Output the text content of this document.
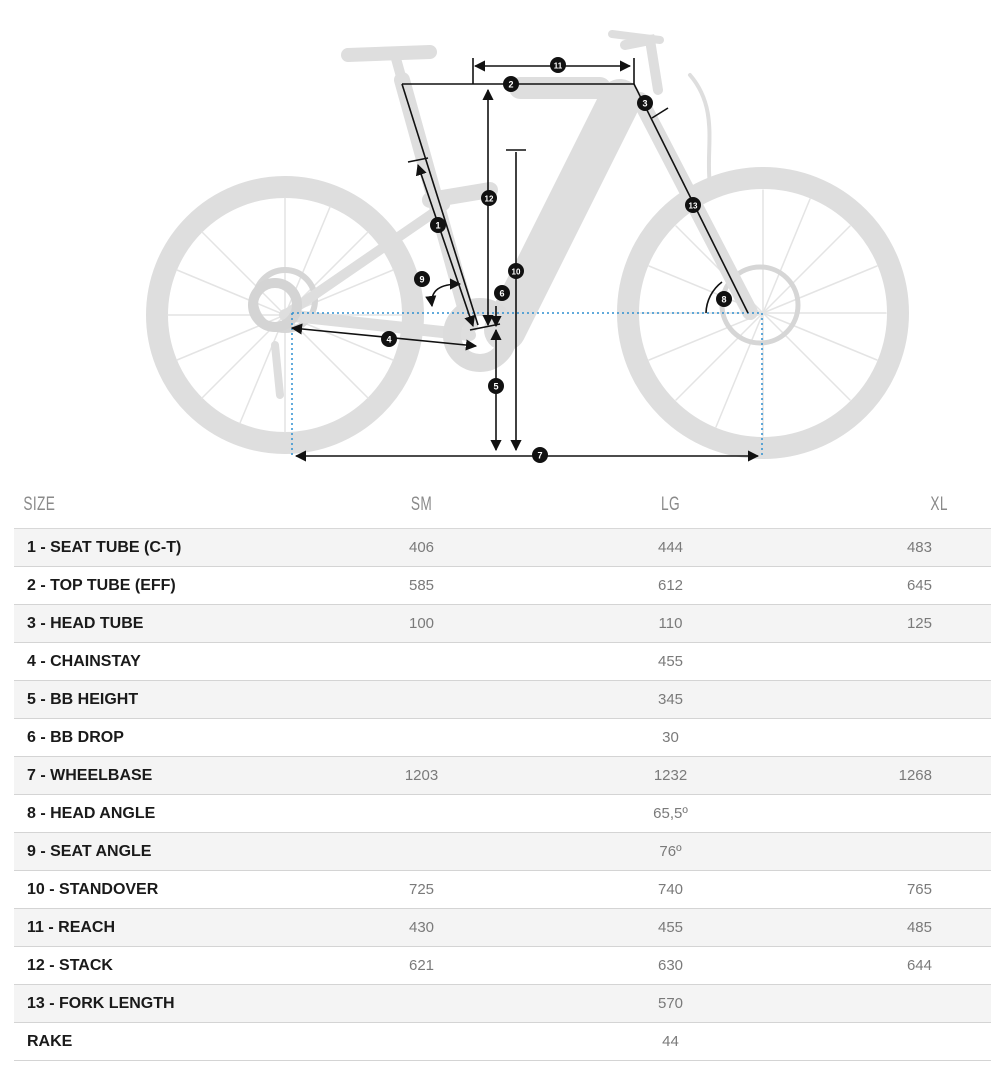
1
2
3
4
5
6
7
8
9
10
11
12
13
SIZE	SM	LG	XL
1 - SEAT TUBE (C-T)	406	444	483
2 - TOP TUBE (EFF)	585	612	645
3 - HEAD TUBE	100	110	125
4 - CHAINSTAY		455	
5 - BB HEIGHT		345	
6 - BB DROP		30	
7 - WHEELBASE	1203	1232	1268
8 - HEAD ANGLE		65,5º	
9 - SEAT ANGLE		76º	
10 - STANDOVER	725	740	765
11 - REACH	430	455	485
12 - STACK	621	630	644
13 - FORK LENGTH		570	
RAKE		44	
